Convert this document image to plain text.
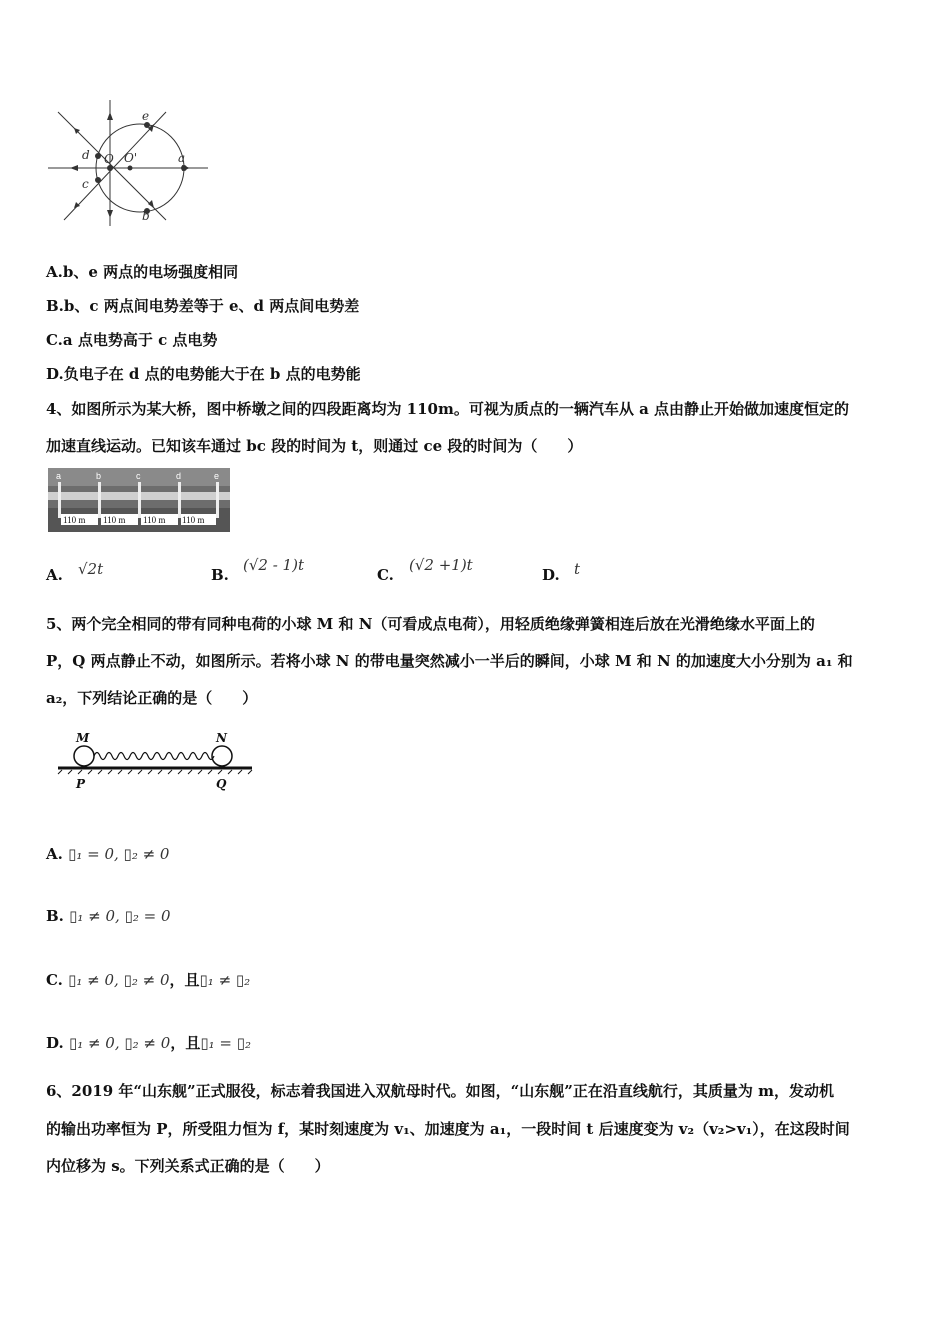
d O O'	a
c
b
e
A.b、e 两点的电场强度相同
B.b、c 两点间电势差等于 e、d 两点间电势差
C.a 点电势高于 c 点电势
D.负电子在 d 点的电势能大于在 b 点的电势能
4、如图所示为某大桥，图中桥墩之间的四段距离均为 110m。可视为质点的一辆汽车从 a 点由静止开始做加速度恒定的
加速直线运动。已知该车通过 bc 段的时间为 t，则通过 ce 段的时间为（　　）
a	b	c	d	e
110 m 110 m 110 m 110 m
A. √2t	B.
(√2 - 1)t
C.
(√2 +1)t
D. t
5、两个完全相同的带有同种电荷的小球 M 和 N（可看成点电荷），用轻质绝缘弹簧相连后放在光滑绝缘水平面上的
P，Q 两点静止不动，如图所示。若将小球 N 的带电量突然减小一半后的瞬间，小球 M 和 N 的加速度大小分别为 a₁ 和
a₂，下列结论正确的是（　　）
M	N
P	Q
A. ▯₁ = 0, ▯₂ ≠ 0
B. ▯₁ ≠ 0, ▯₂ = 0
C. ▯₁ ≠ 0, ▯₂ ≠ 0，且▯₁ ≠ ▯₂
D. ▯₁ ≠ 0, ▯₂ ≠ 0，且▯₁ = ▯₂
6、2019 年“山东舰”正式服役，标志着我国进入双航母时代。如图，“山东舰”正在沿直线航行，其质量为 m，发动机
的输出功率恒为 P，所受阻力恒为 f，某时刻速度为 v₁、加速度为 a₁，一段时间 t 后速度变为 v₂（v₂>v₁），在这段时间
内位移为 s。下列关系式正确的是（　　）
